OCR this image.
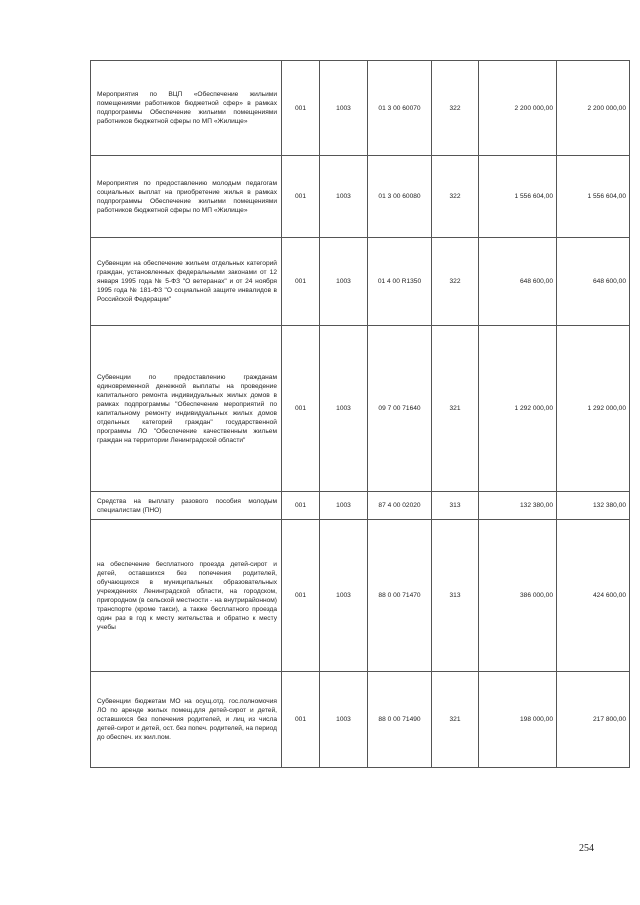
Мероприятия по ВЦП «Обеспечение жильими помещениями работников бюджетной сфер» в рамках подпрограммы Обеспечение жильими помещениями работников бюджетной сферы по МП «Жилище»	001	1003	01 3 00 60070	322	2 200 000,00	2 200 000,00
Мероприятия по предоставлению молодым педагогам социальных выплат на приобретение жилья в рамках подпрограммы Обеспечение жильими помещениями работников бюджетной сферы по МП «Жилище»	001	1003	01 3 00 60080	322	1 556 604,00	1 556 604,00
Субвенции на обеспечение жильем отдельных категорий граждан, установленных федеральными законами от 12 января 1995 года № 5-ФЗ "О ветеранах" и от 24 ноября 1995 года № 181-ФЗ "О социальной защите инвалидов в Российской Федерации"	001	1003	01 4 00 R1350	322	648 600,00	648 600,00
Субвенции по предоставлению гражданам единовременной денежной выплаты на проведение капитального ремонта индивидуальных жилых домов в рамках подпрограммы "Обеспечение мероприятий по капитальному ремонту индивидуальных жилых домов отдельных категорий граждан" государственной программы ЛО "Обеспечение качественным жильем граждан на территории Ленинградской области"	001	1003	09 7 00 71640	321	1 292 000,00	1 292 000,00
Средства на выплату разового пособия молодым специалистам (ПНО)	001	1003	87 4 00 02020	313	132 380,00	132 380,00
на обеспечение бесплатного проезда детей-сирот и детей, оставшихся без попечения родителей, обучающихся в муниципальных образовательных учреждениях Ленинградской области, на городском, пригородном (в сельской местности - на внутрирайонном) транспорте (кроме такси), а также бесплатного проезда один раз в год к месту жительства и обратно к месту учебы	001	1003	88 0 00 71470	313	386 000,00	424 600,00
Субвенции бюджетам МО на осущ.отд. гос.полномочия ЛО по аренде жилых помещ.для детей-сирот и детей, оставшихся без попечения родителей, и лиц из числа детей-сирот и детей, ост. без попеч. родителей, на период до обеспеч. их жил.пом.	001	1003	88 0 00 71490	321	198 000,00	217 800,00
254
